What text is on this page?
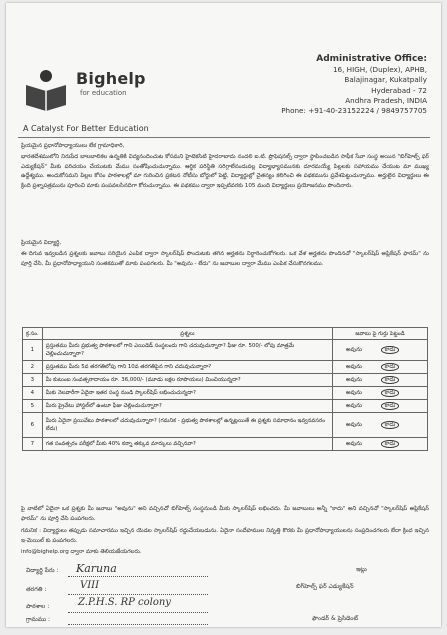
Bighelp
for education
A Catalyst For Better Education
Administrative Office:
16, HIGH, (Duplex), APHB,
Balajinagar, Kukatpally
Hyderabad - 72
Andhra Pradesh, INDIA
Phone: +91-40-23152224 / 9849757705
ప్రియమైన ప్రధానోపాధ్యాయులు లేక గ్రామాధికారి,
భారతదేశములోని నిరుపేద బాలబాలికల ఉన్నతికి విద్యనందించుట కోసమని హైటెకసిటి హైదరాబాదు నందలి ఐ.టి. ప్రొఫెషనల్స్ ద్వారా స్థాపించబడిన సాఫీక సేవా సంస్థ అయిన "బిగ్‌హెల్ప్ ఫర్ ఎడ్యుకేషన్" మీకు పరిచయం చేయుటకు మేము సంతోషించుచున్నాము. ఆర్థిక పరిస్థితి సరిగ్గాలేనందువల్ల విద్యాభ్యాసమునకు దూరమయ్యే పిల్లలకు సహాయము చేయుట మా ముఖ్య ఉద్దేశ్యము. అందుకోసమని పిల్లల కోసం పాఠశాలల్లో మా గురించిన ప్రకటన నోటీసు బోర్డులో పెట్టి, విద్యార్థుల్లో చైతన్యం కలిగించి ఈ పథకమును ప్రవేశపెట్టుచున్నాము. అర్హులైన విద్యార్థులు ఈ క్రింది ప్రశ్నాపత్రమును పూరించి మాకు పంపవలసినదిగా కోరుచున్నాము. ఈ పథకము ద్వారా ఇప్పటివరకు 105 మంది విద్యార్థులు ప్రయోజనము పొందినారు.
ప్రియమైన విద్యార్థి,
ఈ దిగువ ఇవ్వబడిన ప్రశ్నలకు జవాబు సరియైన ఎంపిక ద్వారా స్కాలర్‌షిప్ పొందుటకు తగిన అర్హతను నిర్ధారించుకోగలరు. ఒక వేళ అర్హతను పొందినచో "స్కాలర్‌షిప్ అప్లికేషన్ ఫారమ్" ను పూర్తి చేసి, మీ ప్రధానోపాధ్యాయుని సంతకముతో మాకు పంపగలరు. మీ "అవును - లేదు" ను జవాబుల ద్వారా మేము ఎంపిక చేసుకొనగలము.
క్ర.సం.	ప్రశ్నలు	జవాబు పై గుర్తు పెట్టండి
1	ప్రస్తుతము మీరు ప్రభుత్వ పాఠశాలలో గాని ఎయిడెడ్ సంస్థలందు గాని చదువుచున్నారా? ఫీజు రూ. 500/- లోపు మాత్రమే చెల్లించుచున్నారా?	అవును కాదు
2	ప్రస్తుతము మీరు 5వ తరగతిలోపు గాని 10వ తరగతిపైన గాని చదువుచున్నారా?	అవును కాదు
3	మీ కుటుంబ సంవత్సరాదాయం రూ. 36,000/- (మూడు లక్షల రూపాయలు) మించియున్నదా?	అవును కాదు
4	మీకు నెలవారీగా ఏదైనా ఇతర సంస్థ నుండి స్కాలర్‌షిప్ లభించుచున్నదా?	అవును కాదు
5	మీరు ప్రైవేటు హాస్టల్‌లో ఉంటూ ఫీజు చెల్లించుచున్నారా?	అవును కాదు
6	మీరు ఏదైనా ప్రయివేటు పాఠశాలలో చదువుచున్నారా? (గమనిక - ప్రభుత్వ పాఠశాలల్లో ఉన్నట్లయితే ఈ ప్రశ్నకు సమాధానం ఇవ్వనవసరం లేదు)	అవును కాదు
7	గత సంవత్సరం పరీక్షలో మీకు 40% కన్నా తక్కువ మార్కులు వచ్చినవా?	అవును కాదు
పై వాటిలో ఏదైనా ఒక ప్రశ్నకు మీ జవాబు "అవును" అని వచ్చినచో బిగ్‌హెల్ప్ సంస్థనుండి మీకు స్కాలర్‌షిప్ లభించదు. మీ జవాబులు అన్నీ "కాదు" అని వచ్చినచో "స్కాలర్‌షిప్ అప్లికేషన్ ఫారమ్" ను పూర్తి చేసి పంపగలరు.
గమనిక : విద్యార్థులు తప్పుడు సమాచారము ఇచ్చిన యెడల స్కాలర్‌షిప్ రద్దుచేయబడును. ఏదైనా సందేహముల నివృత్తి కొరకు మీ ప్రధానోపాధ్యాయులను సంప్రదించగలరు లేదా క్రింద ఇచ్చిన ఇ-మెయిల్ కు పంపగలరు.
info@bighelp.org ద్వారా మాకు తెలియజేయగలరు.
విద్యార్థి పేరు : Karuna
తరగతి :	VIII
పాఠశాల :	Z.P.H.S. RP colony
గ్రామము :
ఇట్లు
బిగ్‌హెల్ప్ ఫర్ ఎడ్యుకేషన్
ఫౌండర్ & ప్రెసిడెంట్
